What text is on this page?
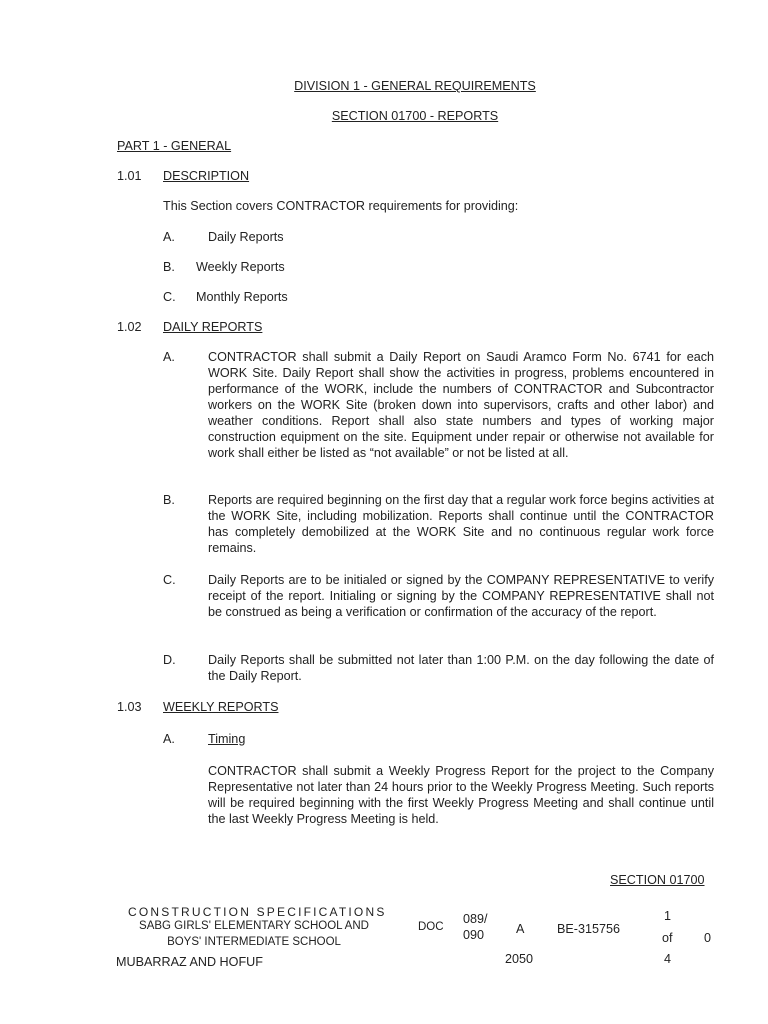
DIVISION 1 - GENERAL REQUIREMENTS
SECTION 01700 - REPORTS
PART 1 - GENERAL
1.01 DESCRIPTION
This Section covers CONTRACTOR requirements for providing:
A.	Daily Reports
B. Weekly Reports
C. Monthly Reports
1.02 DAILY REPORTS
A.	CONTRACTOR shall submit a Daily Report on Saudi Aramco Form No. 6741 for each WORK Site. Daily Report shall show the activities in progress, problems encountered in performance of the WORK, include the numbers of CONTRACTOR and Subcontractor workers on the WORK Site (broken down into supervisors, crafts and other labor) and weather conditions. Report shall also state numbers and types of working major construction equipment on the site. Equipment under repair or otherwise not available for work shall either be listed as “not available” or not be listed at all.
B.	Reports are required beginning on the first day that a regular work force begins activities at the WORK Site, including mobilization. Reports shall continue until the CONTRACTOR has completely demobilized at the WORK Site and no continuous regular work force remains.
C.	Daily Reports are to be initialed or signed by the COMPANY REPRESENTATIVE to verify receipt of the report. Initialing or signing by the COMPANY REPRESENTATIVE shall not be construed as being a verification or confirmation of the accuracy of the report.
D.	Daily Reports shall be submitted not later than 1:00 P.M. on the day following the date of the Daily Report.
1.03 WEEKLY REPORTS
A.	Timing
CONTRACTOR shall submit a Weekly Progress Report for the project to the Company Representative not later than 24 hours prior to the Weekly Progress Meeting. Such reports will be required beginning with the first Weekly Progress Meeting and shall continue until the last Weekly Progress Meeting is held.
SECTION 01700
CONSTRUCTION SPECIFICATIONS
SABG GIRLS' ELEMENTARY SCHOOL AND
BOYS' INTERMEDIATE SCHOOL
MUBARRAZ AND HOFUF
DOC
089/
090	A	BE-315756
2050
1
of
4
0
